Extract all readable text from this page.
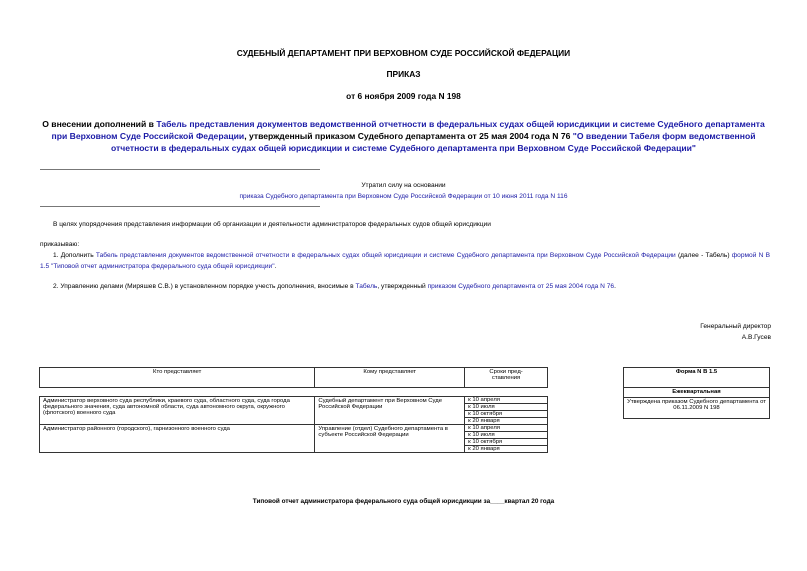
СУДЕБНЫЙ ДЕПАРТАМЕНТ ПРИ ВЕРХОВНОМ СУДЕ РОССИЙСКОЙ ФЕДЕРАЦИИ
ПРИКАЗ
от 6 ноября 2009 года N 198
О внесении дополнений в Табель представления документов ведомственной отчетности в федеральных судах общей юрисдикции и системе Судебного департамента при Верховном Суде Российской Федерации, утвержденный приказом Судебного департамента от 25 мая 2004 года N 76 "О введении Табеля форм ведомственной отчетности в федеральных судах общей юрисдикции и системе Судебного департамента при Верховном Суде Российской Федерации"
Утратил силу на основании
приказа Судебного департамента при Верховном Суде Российской Федерации от 10 июня 2011 года N 116
В целях упорядочения представления информации об организации и деятельности администраторов федеральных судов общей юрисдикции
приказываю:
1. Дополнить Табель представления документов ведомственной отчетности в федеральных судах общей юрисдикции и системе Судебного департамента при Верховном Суде Российской Федерации (далее - Табель) формой N В 1.5 "Типовой отчет администратора федерального суда общей юрисдикции".
2. Управлению делами (Миряшев С.В.) в установленном порядке учесть дополнения, вносимые в Табель, утвержденный приказом Судебного департамента от 25 мая 2004 года N 76.
Генеральный директор
А.В.Гусев
Кто представляет	Кому представляет	Сроки пред-
ставления

Администратор верховного суда республики, краевого суда, областного суда, суда города федерального значения, суда автономной области, суда автономного округа, окружного (флотского) военного суда	Судебный департамент при Верховном Суде Российской Федерации	к 10 апреля
к 10 июля
к 10 октября
к 20 января

Администратор районного (городского), гарнизонного военного суда	Управление (отдел) Судебного департамента в субъекте Российской Федерации	к 10 апреля
к 10 июля
к 10 октября
к 20 января
Форма N В 1.5
Ежеквартальная
Утверждена приказом Судебного департамента от 06.11.2009 N 198
Типовой отчет администратора федерального суда общей юрисдикции за____квартал 20 года
